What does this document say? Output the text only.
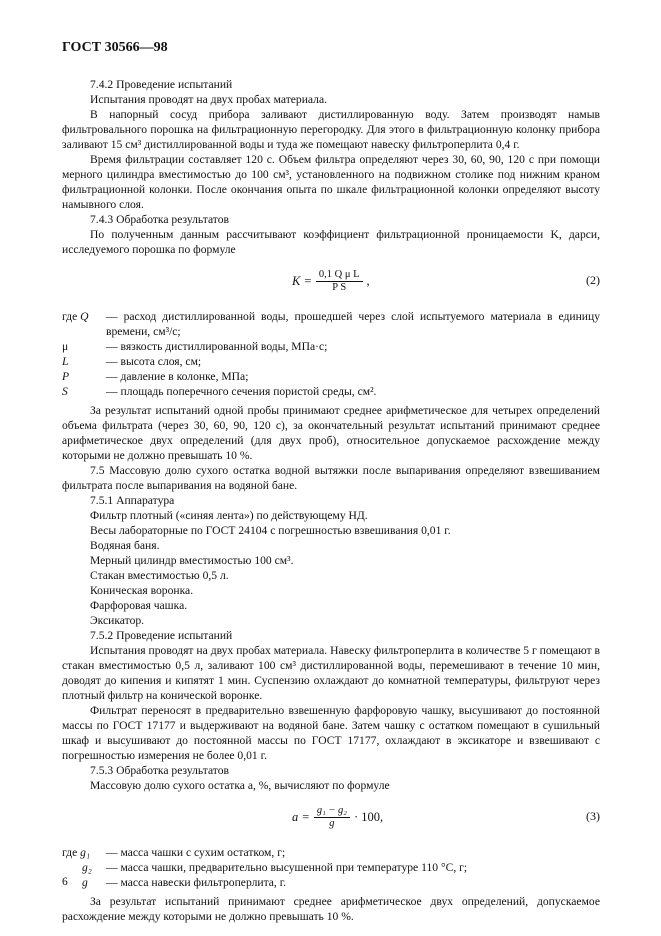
ГОСТ 30566—98

7.4.2 Проведение испытаний

Испытания проводят на двух пробах материала.

В напорный сосуд прибора заливают дистиллированную воду. Затем производят намыв фильтровального порошка на фильтрационную перегородку. Для этого в фильтрационную колонку прибора заливают 15 см³ дистиллированной воды и туда же помещают навеску фильтроперлита 0,4 г.

Время фильтрации составляет 120 с. Объем фильтра определяют через 30, 60, 90, 120 с при помощи мерного цилиндра вместимостью до 100 см³, установленного на подвижном столике под нижним краном фильтрационной колонки. После окончания опыта по шкале фильтрационной колонки определяют высоту намывного слоя.

7.4.3 Обработка результатов

По полученным данным рассчитывают коэффициент фильтрационной проницаемости K, дарси, исследуемого порошка по формуле

$K = \frac{\text{0,1 Q μ L}}{\text{P S}}$ ,	(2)
где Q	— расход дистиллированной воды, прошедшей через слой испытуемого материала в единицу времени, см³/с;
μ	— вязкость дистиллированной воды, МПа·с;
L	— высота слоя, см;
P	— давление в колонке, МПа;
S	— площадь поперечного сечения пористой среды, см².

За результат испытаний одной пробы принимают среднее арифметическое для четырех определений объема фильтрата (через 30, 60, 90, 120 с), за окончательный результат испытаний принимают среднее арифметическое двух определений (для двух проб), относительное допускаемое расхождение между которыми не должно превышать 10 %.

7.5 Массовую долю сухого остатка водной вытяжки после выпаривания определяют взвешиванием фильтрата после выпаривания на водяной бане.

7.5.1 Аппаратура

Фильтр плотный («синяя лента») по действующему НД.

Весы лабораторные по ГОСТ 24104 с погрешностью взвешивания 0,01 г.

Водяная баня.

Мерный цилиндр вместимостью 100 см³.

Стакан вместимостью 0,5 л.

Коническая воронка.

Фарфоровая чашка.

Эксикатор.

7.5.2 Проведение испытаний

Испытания проводят на двух пробах материала. Навеску фильтроперлита в количестве 5 г помещают в стакан вместимостью 0,5 л, заливают 100 см³ дистиллированной воды, перемешивают в течение 10 мин, доводят до кипения и кипятят 1 мин. Суспензию охлаждают до комнатной температуры, фильтруют через плотный фильтр на конической воронке.

Фильтрат переносят в предварительно взвешенную фарфоровую чашку, высушивают до постоянной массы по ГОСТ 17177 и выдерживают на водяной бане. Затем чашку с остатком помещают в сушильный шкаф и высушивают до постоянной массы по ГОСТ 17177, охлаждают в эксикаторе и взвешивают с погрешностью измерения не более 0,01 г.

7.5.3 Обработка результатов

Массовую долю сухого остатка a, %, вычисляют по формуле

$a = \frac{\text{g₁ − g₂}}{g} \cdot 100$,	(3)
где g₁	— масса чашки с сухим остатком, г;
g₂	— масса чашки, предварительно высушенной при температуре 110 °С, г;
g	— масса навески фильтроперлита, г.

За результат испытаний принимают среднее арифметическое двух определений, допускаемое расхождение между которыми не должно превышать 10 %.

6
